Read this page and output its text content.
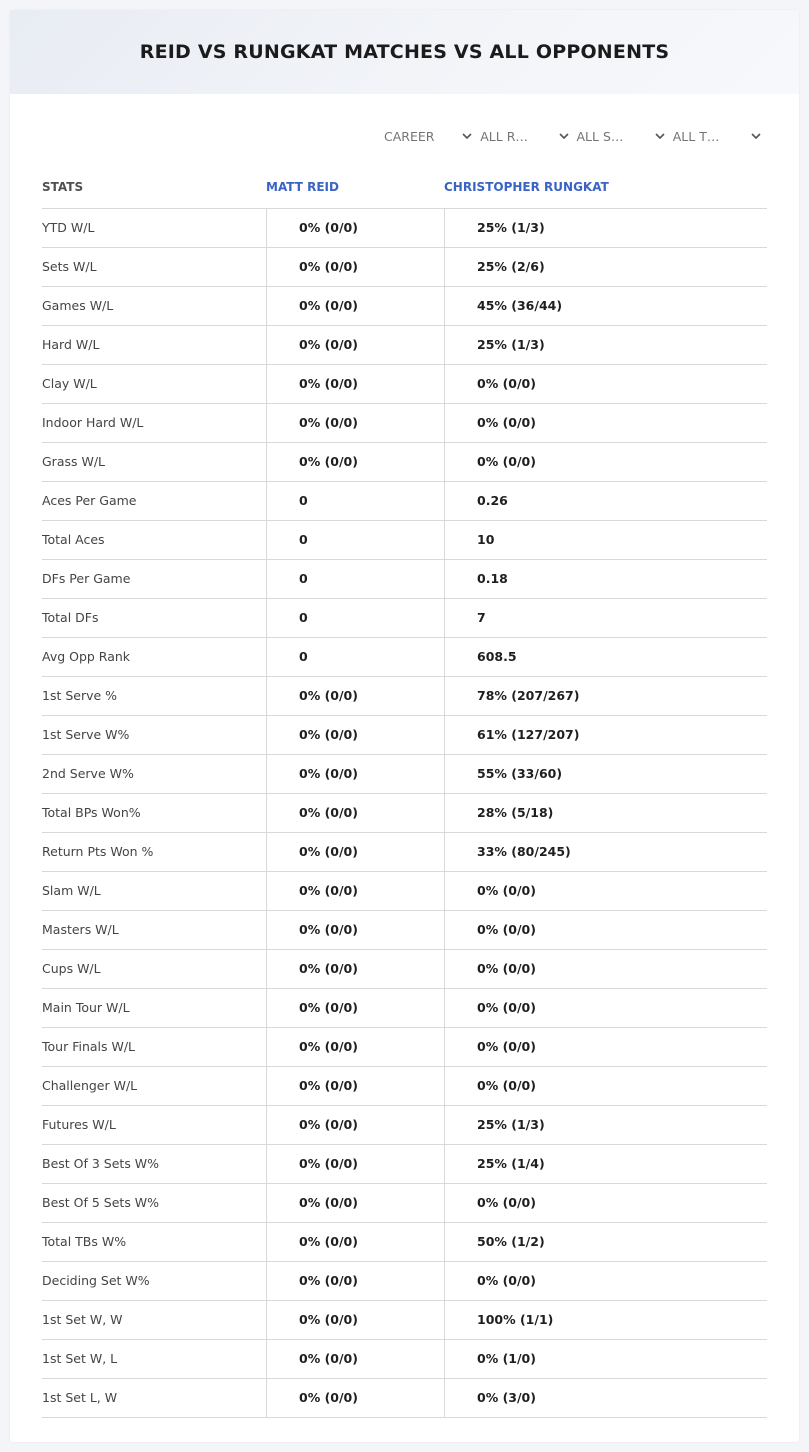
REID VS RUNGKAT MATCHES VS ALL OPPONENTS
CAREER	ALL R…	ALL S…	ALL T…
STATS	MATT REID	CHRISTOPHER RUNGKAT
YTD W/L	0% (0/0)	25% (1/3)
Sets W/L	0% (0/0)	25% (2/6)
Games W/L	0% (0/0)	45% (36/44)
Hard W/L	0% (0/0)	25% (1/3)
Clay W/L	0% (0/0)	0% (0/0)
Indoor Hard W/L	0% (0/0)	0% (0/0)
Grass W/L	0% (0/0)	0% (0/0)
Aces Per Game	0	0.26
Total Aces	0	10
DFs Per Game	0	0.18
Total DFs	0	7
Avg Opp Rank	0	608.5
1st Serve %	0% (0/0)	78% (207/267)
1st Serve W%	0% (0/0)	61% (127/207)
2nd Serve W%	0% (0/0)	55% (33/60)
Total BPs Won%	0% (0/0)	28% (5/18)
Return Pts Won %	0% (0/0)	33% (80/245)
Slam W/L	0% (0/0)	0% (0/0)
Masters W/L	0% (0/0)	0% (0/0)
Cups W/L	0% (0/0)	0% (0/0)
Main Tour W/L	0% (0/0)	0% (0/0)
Tour Finals W/L	0% (0/0)	0% (0/0)
Challenger W/L	0% (0/0)	0% (0/0)
Futures W/L	0% (0/0)	25% (1/3)
Best Of 3 Sets W%	0% (0/0)	25% (1/4)
Best Of 5 Sets W%	0% (0/0)	0% (0/0)
Total TBs W%	0% (0/0)	50% (1/2)
Deciding Set W%	0% (0/0)	0% (0/0)
1st Set W, W	0% (0/0)	100% (1/1)
1st Set W, L	0% (0/0)	0% (1/0)
1st Set L, W	0% (0/0)	0% (3/0)
